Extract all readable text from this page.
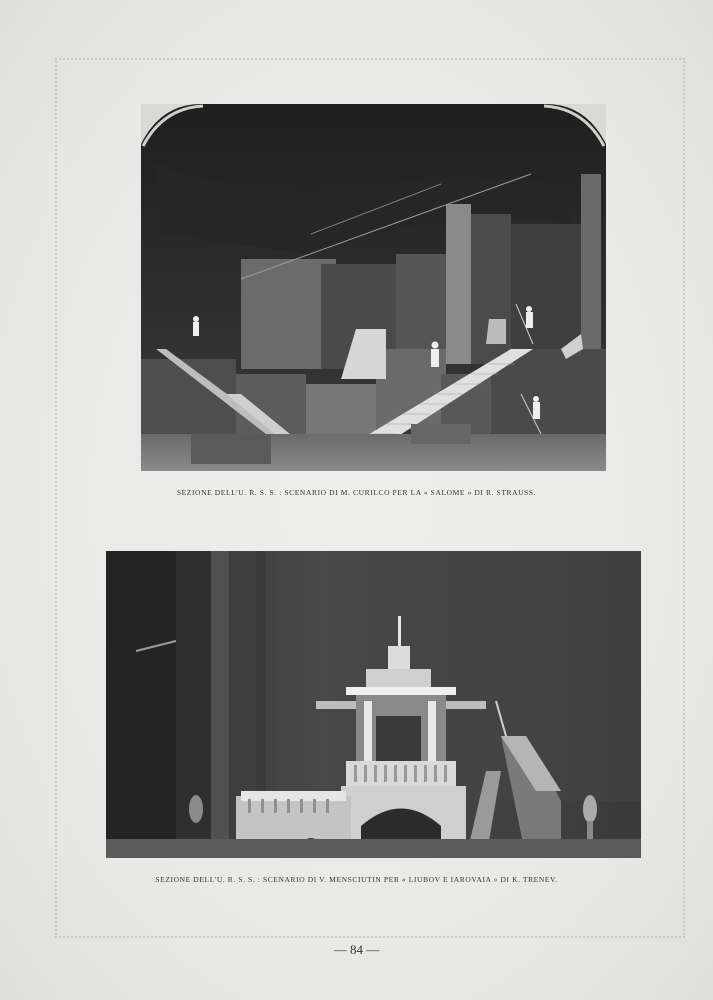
SEZIONE DELL'U. R. S. S. : SCENARIO DI M. CURILCO PER LA « SALOME » DI R. STRAUSS.
SEZIONE DELL'U. R. S. S. : SCENARIO DI V. MENSCIUTIN PER « LIUBOV E IAROVAIA » DI K. TRENEV.
— 84 —
